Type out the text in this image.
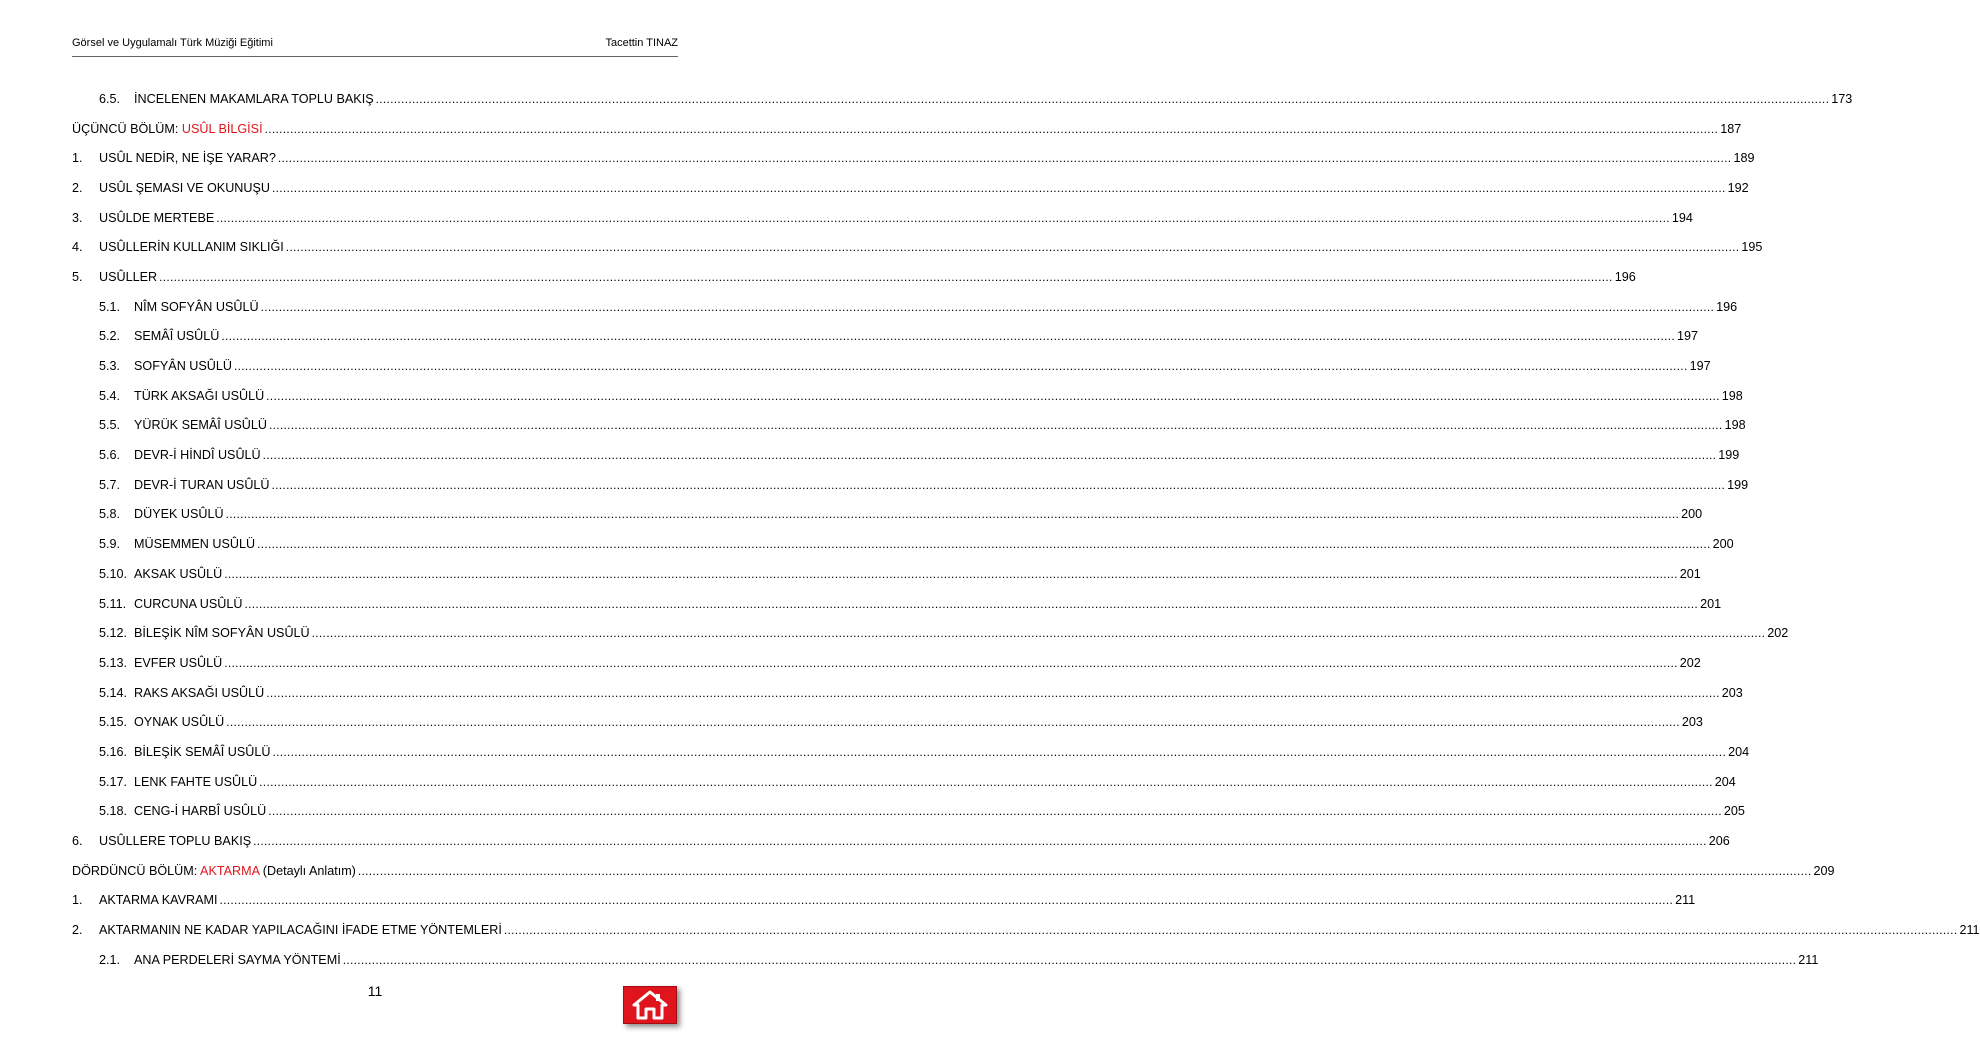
Görsel ve Uygulamalı Türk Müziği Eğitimi	Tacettin TINAZ
6.5.	İNCELENEN MAKAMLARA TOPLU BAKIŞ ................................................................................................................................................................................................................................................................................................................................................................................................................ 173
ÜÇÜNCÜ BÖLÜM: USÛL BİLGİSİ ................................................................................................................................................................................................................................................................................................................................................................................................................ 187
1.	USÛL NEDİR, NE İŞE YARAR? ................................................................................................................................................................................................................................................................................................................................................................................................................ 189
2.	USÛL ŞEMASI VE OKUNUŞU ................................................................................................................................................................................................................................................................................................................................................................................................................ 192
3.	USÛLDE MERTEBE ................................................................................................................................................................................................................................................................................................................................................................................................................ 194
4.	USÛLLERİN KULLANIM SIKLIĞI ................................................................................................................................................................................................................................................................................................................................................................................................................ 195
5.	USÛLLER ................................................................................................................................................................................................................................................................................................................................................................................................................ 196
5.1.	NÎM SOFYÂN USÛLÜ ................................................................................................................................................................................................................................................................................................................................................................................................................ 196
5.2.	SEMÂÎ USÛLÜ ................................................................................................................................................................................................................................................................................................................................................................................................................ 197
5.3.	SOFYÂN USÛLÜ ................................................................................................................................................................................................................................................................................................................................................................................................................ 197
5.4.	TÜRK AKSAĞI USÛLÜ ................................................................................................................................................................................................................................................................................................................................................................................................................ 198
5.5.	YÜRÜK SEMÂÎ USÛLÜ ................................................................................................................................................................................................................................................................................................................................................................................................................ 198
5.6.	DEVR-İ HİNDÎ USÛLÜ ................................................................................................................................................................................................................................................................................................................................................................................................................ 199
5.7.	DEVR-İ TURAN USÛLÜ ................................................................................................................................................................................................................................................................................................................................................................................................................ 199
5.8.	DÜYEK USÛLÜ ................................................................................................................................................................................................................................................................................................................................................................................................................ 200
5.9.	MÜSEMMEN USÛLÜ ................................................................................................................................................................................................................................................................................................................................................................................................................ 200
5.10. AKSAK USÛLÜ ................................................................................................................................................................................................................................................................................................................................................................................................................ 201
5.11. CURCUNA USÛLÜ ................................................................................................................................................................................................................................................................................................................................................................................................................ 201
5.12. BİLEŞİK NÎM SOFYÂN USÛLÜ ................................................................................................................................................................................................................................................................................................................................................................................................................ 202
5.13. EVFER USÛLÜ ................................................................................................................................................................................................................................................................................................................................................................................................................ 202
5.14. RAKS AKSAĞI USÛLÜ ................................................................................................................................................................................................................................................................................................................................................................................................................ 203
5.15. OYNAK USÛLÜ ................................................................................................................................................................................................................................................................................................................................................................................................................ 203
5.16. BİLEŞİK SEMÂÎ USÛLÜ ................................................................................................................................................................................................................................................................................................................................................................................................................ 204
5.17. LENK FAHTE USÛLÜ ................................................................................................................................................................................................................................................................................................................................................................................................................ 204
5.18. CENG-İ HARBÎ USÛLÜ ................................................................................................................................................................................................................................................................................................................................................................................................................ 205
6.	USÛLLERE TOPLU BAKIŞ ................................................................................................................................................................................................................................................................................................................................................................................................................ 206
DÖRDÜNCÜ BÖLÜM: AKTARMA (Detaylı Anlatım) ................................................................................................................................................................................................................................................................................................................................................................................................................ 209
1.	AKTARMA KAVRAMI ................................................................................................................................................................................................................................................................................................................................................................................................................ 211
2.	AKTARMANIN NE KADAR YAPILACAĞINI İFADE ETME YÖNTEMLERİ ................................................................................................................................................................................................................................................................................................................................................................................................................ 211
2.1.	ANA PERDELERİ SAYMA YÖNTEMİ ................................................................................................................................................................................................................................................................................................................................................................................................................ 211
11
